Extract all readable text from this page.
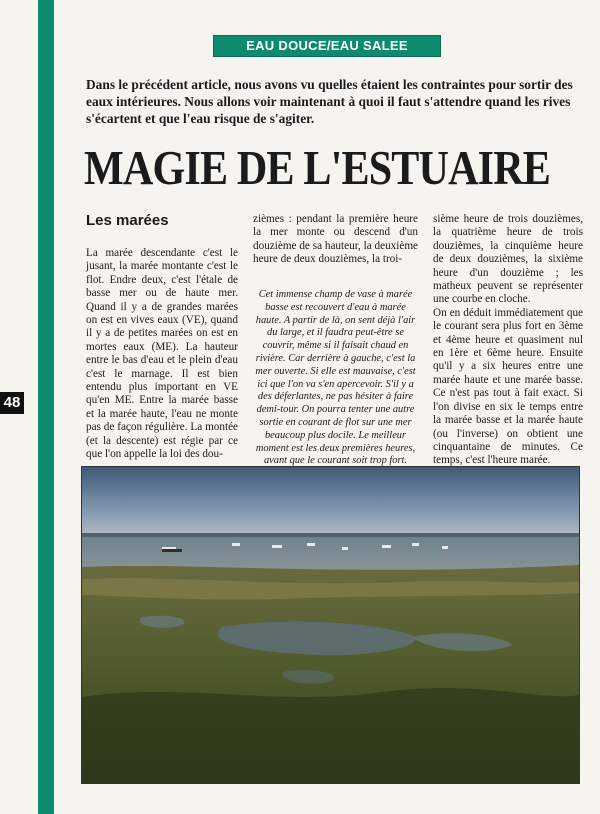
48
EAU DOUCE/EAU SALEE

Dans le précédent article, nous avons vu quelles étaient les contraintes pour sortir des eaux intérieures. Nous allons voir maintenant à quoi il faut s'attendre quand les rives s'écartent et que l'eau risque de s'agiter.

MAGIE DE L'ESTUAIRE
Les marées

La marée descendante c'est le jusant, la marée montante c'est le flot. Endre deux, c'est l'étale de basse mer ou de haute mer. Quand il y a de grandes marées on est en vives eaux (VE), quand il y a de petites marées on est en mortes eaux (ME). La hauteur entre le bas d'eau et le plein d'eau c'est le marnage. Il est bien entendu plus important en VE qu'en ME. Entre la marée basse et la marée haute, l'eau ne monte pas de façon régulière. La montée (et la descente) est régie par ce que l'on appelle la loi des dou-

zièmes : pendant la première heure la mer monte ou descend d'un douzième de sa hauteur, la deuxième heure de deux douzièmes, la troi-

Cet immense champ de vase à marée basse est recouvert d'eau à marée haute. A partir de là, on sent déjà l'air du large, et il faudra peut-être se couvrir, même si il faisait chaud en rivière. Car derrière à gauche, c'est la mer ouverte. Si elle est mauvaise, c'est ici que l'on va s'en apercevoir. S'il y a des déferlantes, ne pas hésiter à faire demi-tour. On pourra tenter une autre sortie en courant de flot sur une mer beaucoup plus docile. Le meilleur moment est les deux premières heures, avant que le courant soit trop fort.

sième heure de trois douzièmes, la quatrième heure de trois douzièmes, la cinquième heure de deux douzièmes, la sixième heure d'un douzième ; les matheux peuvent se représenter une courbe en cloche.

On en déduit immédiatement que le courant sera plus fort en 3ème et 4ème heure et quasiment nul en 1ère et 6ème heure. Ensuite qu'il y a six heures entre une marée haute et une marée basse. Ce n'est pas tout à fait exact. Si l'on divise en six le temps entre la marée basse et la marée haute (ou l'inverse) on obtient une cinquantaine de minutes. Ce temps, c'est l'heure marée.
